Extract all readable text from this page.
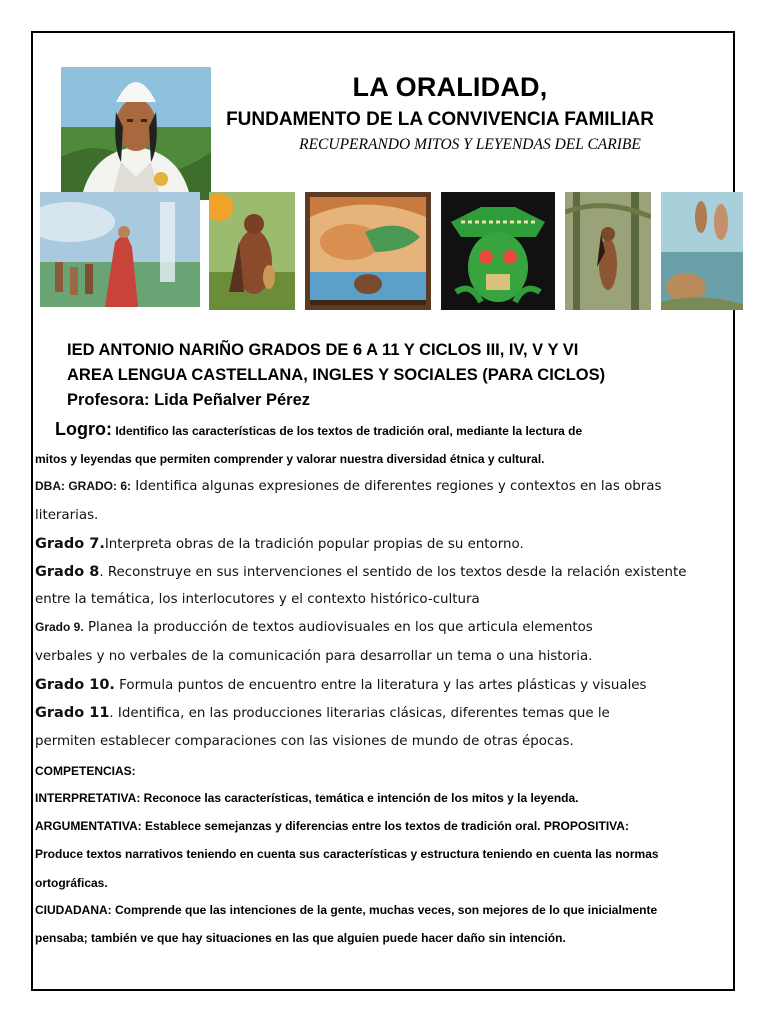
LA ORALIDAD,
FUNDAMENTO DE LA CONVIVENCIA FAMILIAR
RECUPERANDO MITOS Y LEYENDAS DEL CARIBE
IED ANTONIO NARIÑO GRADOS DE 6 A 11 Y CICLOS III, IV, V Y VI
AREA LENGUA CASTELLANA, INGLES Y SOCIALES (PARA CICLOS)
Profesora: Lida Peñalver Pérez
Logro: Identifico las características de los textos de tradición oral, mediante la lectura de
mitos y leyendas que permiten comprender y valorar nuestra diversidad étnica y cultural.
DBA: GRADO: 6: Identifica algunas expresiones de diferentes regiones y contextos en las obras
literarias.
Grado 7.Interpreta obras de la tradición popular propias de su entorno.
Grado 8. Reconstruye en sus intervenciones el sentido de los textos desde la relación existente
entre la temática, los interlocutores y el contexto histórico-cultura
Grado 9. Planea la producción de textos audiovisuales en los que articula elementos
verbales y no verbales de la comunicación para desarrollar un tema o una historia.
Grado 10. Formula puntos de encuentro entre la literatura y las artes plásticas y visuales
Grado 11. Identifica, en las producciones literarias clásicas, diferentes temas que le
permiten establecer comparaciones con las visiones de mundo de otras épocas.
COMPETENCIAS:
INTERPRETATIVA: Reconoce las características, temática e intención de los mitos y la leyenda.
ARGUMENTATIVA: Establece semejanzas y diferencias entre los textos de tradición oral. PROPOSITIVA:
Produce textos narrativos teniendo en cuenta sus características y estructura teniendo en cuenta las normas
ortográficas.
CIUDADANA: Comprende que las intenciones de la gente, muchas veces, son mejores de lo que inicialmente
pensaba; también ve que hay situaciones en las que alguien puede hacer daño sin intención.
